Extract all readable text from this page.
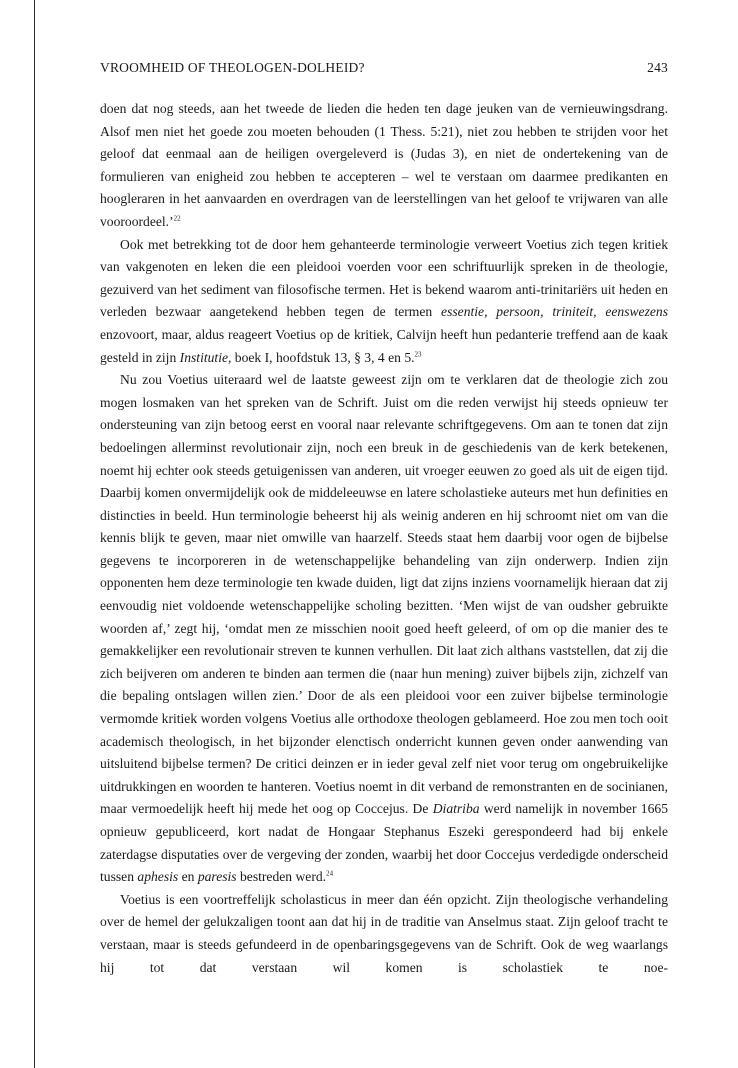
VROOMHEID OF THEOLOGEN-DOLHEID?	243

doen dat nog steeds, aan het tweede de lieden die heden ten dage jeuken van de vernieuwingsdrang. Alsof men niet het goede zou moeten behouden (1 Thess. 5:21), niet zou hebben te strijden voor het geloof dat eenmaal aan de heiligen overgeleverd is (Judas 3), en niet de ondertekening van de formulieren van enigheid zou hebben te accepteren – wel te verstaan om daarmee predikanten en hoogleraren in het aanvaarden en overdragen van de leerstellingen van het geloof te vrijwaren van alle vooroordeel.’$^{22}$

Ook met betrekking tot de door hem gehanteerde terminologie verweert Voetius zich tegen kritiek van vakgenoten en leken die een pleidooi voerden voor een schriftuurlijk spreken in de theologie, gezuiverd van het sediment van filosofische termen. Het is bekend waarom anti-trinitariërs uit heden en verleden bezwaar aangetekend hebben tegen de termen essentie, persoon, triniteit, eenswezens enzovoort, maar, aldus reageert Voetius op de kritiek, Calvijn heeft hun pedanterie treffend aan de kaak gesteld in zijn Institutie, boek I, hoofdstuk 13, § 3, 4 en 5.23

Nu zou Voetius uiteraard wel de laatste geweest zijn om te verklaren dat de theologie zich zou mogen losmaken van het spreken van de Schrift. Juist om die reden verwijst hij steeds opnieuw ter ondersteuning van zijn betoog eerst en vooral naar relevante schriftgegevens. Om aan te tonen dat zijn bedoelingen allerminst revolutionair zijn, noch een breuk in de geschiedenis van de kerk betekenen, noemt hij echter ook steeds getuigenissen van anderen, uit vroeger eeuwen zo goed als uit de eigen tijd. Daarbij komen onvermijdelijk ook de middeleeuwse en latere scholastieke auteurs met hun definities en distincties in beeld. Hun terminologie beheerst hij als weinig anderen en hij schroomt niet om van die kennis blijk te geven, maar niet omwille van haarzelf. Steeds staat hem daarbij voor ogen de bijbelse gegevens te incorporeren in de wetenschappelijke behandeling van zijn onderwerp. Indien zijn opponenten hem deze terminologie ten kwade duiden, ligt dat zijns inziens voornamelijk hieraan dat zij eenvoudig niet voldoende wetenschappelijke scholing bezitten. ‘Men wijst de van oudsher gebruikte woorden af,’ zegt hij, ‘omdat men ze misschien nooit goed heeft geleerd, of om op die manier des te gemakkelijker een revolutionair streven te kunnen verhullen. Dit laat zich althans vaststellen, dat zij die zich beijveren om anderen te binden aan termen die (naar hun mening) zuiver bijbels zijn, zichzelf van die bepaling ontslagen willen zien.’ Door de als een pleidooi voor een zuiver bijbelse terminologie vermomde kritiek worden volgens Voetius alle orthodoxe theologen geblameerd. Hoe zou men toch ooit academisch theologisch, in het bijzonder elenctisch onderricht kunnen geven onder aanwending van uitsluitend bijbelse termen? De critici deinzen er in ieder geval zelf niet voor terug om ongebruikelijke uitdrukkingen en woorden te hanteren. Voetius noemt in dit verband de remonstranten en de socinianen, maar vermoedelijk heeft hij mede het oog op Coccejus. De Diatriba werd namelijk in november 1665 opnieuw gepubliceerd, kort nadat de Hongaar Stephanus Eszeki gerespondeerd had bij enkele zaterdagse disputaties over de vergeving der zonden, waarbij het door Coccejus verdedigde onderscheid tussen aphesis en paresis bestreden werd.$^{24}$

Voetius is een voortreffelijk scholasticus in meer dan één opzicht. Zijn theologische verhandeling over de hemel der gelukzaligen toont aan dat hij in de traditie van Anselmus staat. Zijn geloof tracht te verstaan, maar is steeds gefundeerd in de openbaringsgegevens van de Schrift. Ook de weg waarlangs hij tot dat verstaan wil komen is scholastiek te noe-
